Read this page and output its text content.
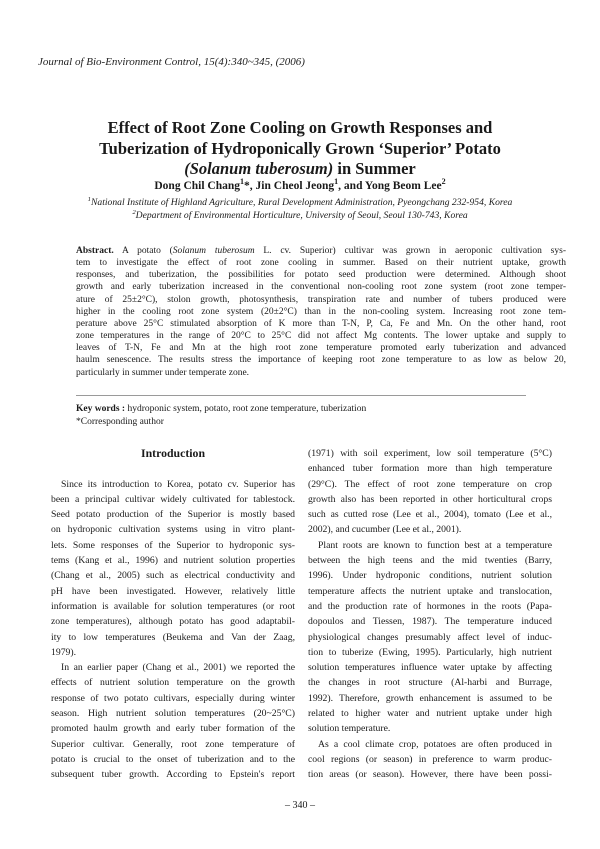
Journal of Bio-Environment Control, 15(4):340~345, (2006)
Effect of Root Zone Cooling on Growth Responses and
Tuberization of Hydroponically Grown ‘Superior’ Potato
(Solanum tuberosum) in Summer
Dong Chil Chang$^1$*, Jin Cheol Jeong$^1$, and Yong Beom Lee$^2$
$^1$National Institute of Highland Agriculture, Rural Development Administration, Pyeongchang 232-954, Korea
$^2$Department of Environmental Horticulture, University of Seoul, Seoul 130-743, Korea
Abstract. A potato (Solanum tuberosum L. cv. Superior) cultivar was grown in aeroponic cultivation sys-
tem to investigate the effect of root zone cooling in summer. Based on their nutrient uptake, growth
responses, and tuberization, the possibilities for potato seed production were determined. Although shoot
growth and early tuberization increased in the conventional non-cooling root zone system (root zone temper-
ature of 25±2°C), stolon growth, photosynthesis, transpiration rate and number of tubers produced were
higher in the cooling root zone system (20±2°C) than in the non-cooling system. Increasing root zone tem-
perature above 25°C stimulated absorption of K more than T-N, P, Ca, Fe and Mn. On the other hand, root
zone temperatures in the range of 20°C to 25°C did not affect Mg contents. The lower uptake and supply to
leaves of T-N, Fe and Mn at the high root zone temperature promoted early tuberization and advanced
haulm senescence. The results stress the importance of keeping root zone temperature to as low as below 20,
particularly in summer under temperate zone.
Key words : hydroponic system, potato, root zone temperature, tuberization
*Corresponding author
Introduction
Since its introduction to Korea, potato cv. Superior has
been a principal cultivar widely cultivated for tablestock.
Seed potato production of the Superior is mostly based
on hydroponic cultivation systems using in vitro plant-
lets. Some responses of the Superior to hydroponic sys-
tems (Kang et al., 1996) and nutrient solution properties
(Chang et al., 2005) such as electrical conductivity and
pH have been investigated. However, relatively little
information is available for solution temperatures (or root
zone temperatures), although potato has good adaptabil-
ity to low temperatures (Beukema and Van der Zaag,
1979).
In an earlier paper (Chang et al., 2001) we reported the
effects of nutrient solution temperature on the growth
response of two potato cultivars, especially during winter
season. High nutrient solution temperatures (20~25°C)
promoted haulm growth and early tuber formation of the
Superior cultivar. Generally, root zone temperature of
potato is crucial to the onset of tuberization and to the
subsequent tuber growth. According to Epstein's report
(1971) with soil experiment, low soil temperature (5°C)
enhanced tuber formation more than high temperature
(29°C). The effect of root zone temperature on crop
growth also has been reported in other horticultural crops
such as cutted rose (Lee et al., 2004), tomato (Lee et al.,
2002), and cucumber (Lee et al., 2001).
Plant roots are known to function best at a temperature
between the high teens and the mid twenties (Barry,
1996). Under hydroponic conditions, nutrient solution
temperature affects the nutrient uptake and translocation,
and the production rate of hormones in the roots (Papa-
dopoulos and Tiessen, 1987). The temperature induced
physiological changes presumably affect level of induc-
tion to tuberize (Ewing, 1995). Particularly, high nutrient
solution temperatures influence water uptake by affecting
the changes in root structure (Al-harbi and Burrage,
1992). Therefore, growth enhancement is assumed to be
related to higher water and nutrient uptake under high
solution temperature.
As a cool climate crop, potatoes are often produced in
cool regions (or season) in preference to warm produc-
tion areas (or season). However, there have been possi-
– 340 –
